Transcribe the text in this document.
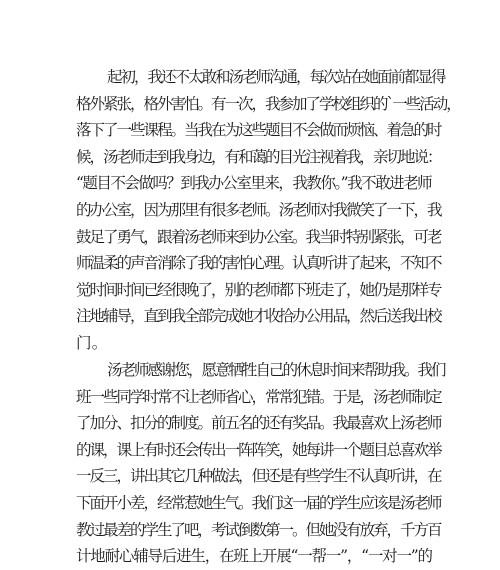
起初，我还不太敢和汤老师沟通，每次站在她面前都显得
格外紧张，格外害怕。有一次，我参加了学校组织的`一些活动，
落下了一些课程。当我在为这些题目不会做而烦恼、着急的时
候，汤老师走到我身边，有和蔼的目光注视着我，亲切地说：
“题目不会做吗？到我办公室里来，我教你。”我不敢进老师
的办公室，因为那里有很多老师。汤老师对我微笑了一下，我
鼓足了勇气，跟着汤老师来到办公室。我当时特别紧张，可老
师温柔的声音消除了我的害怕心理。认真听讲了起来，不知不
觉时间时间已经很晚了，别的老师都下班走了，她仍是那样专
注地辅导，直到我全部完成她才收拾办公用品，然后送我出校
门。
汤老师感谢您，愿意牺牲自己的休息时间来帮助我。我们
班一些同学时常不让老师省心，常常犯错。于是，汤老师制定
了加分、扣分的制度。前五名的还有奖品。我最喜欢上汤老师
的课，课上有时还会传出一阵阵笑，她每讲一个题目总喜欢举
一反三，讲出其它几种做法，但还是有些学生不认真听讲，在
下面开小差，经常惹她生气。我们这一届的学生应该是汤老师
教过最差的学生了吧，考试倒数第一。但她没有放弃，千方百
计地耐心辅导后进生，在班上开展“一帮一”，“一对一”的
